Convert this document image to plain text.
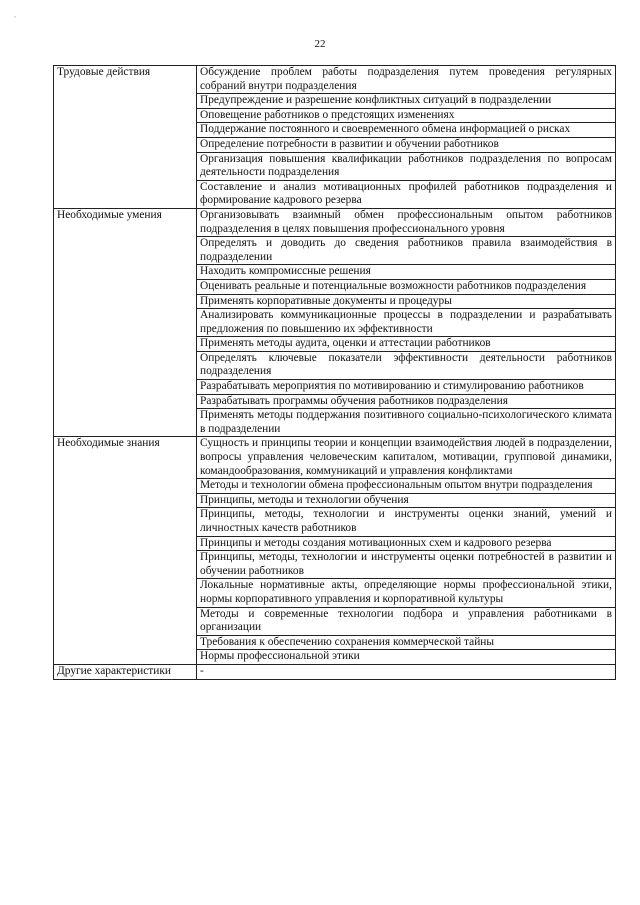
‘
22
Трудовые действия	Обсуждение проблем работы подразделения путем проведения регулярных собраний внутри подразделения
	Предупреждение и разрешение конфликтных ситуаций в подразделении
	Оповещение работников о предстоящих изменениях
	Поддержание постоянного и своевременного обмена информацией о рисках
	Определение потребности в развитии и обучении работников
	Организация повышения квалификации работников подразделения по вопросам деятельности подразделения
	Составление и анализ мотивационных профилей работников подразделения и формирование кадрового резерва
Необходимые умения	Организовывать взаимный обмен профессиональным опытом работников подразделения в целях повышения профессионального уровня
	Определять и доводить до сведения работников правила взаимодействия в подразделении
	Находить компромиссные решения
	Оценивать реальные и потенциальные возможности работников подразделения
	Применять корпоративные документы и процедуры
	Анализировать коммуникационные процессы в подразделении и разрабатывать предложения по повышению их эффективности
	Применять методы аудита, оценки и аттестации работников
	Определять ключевые показатели эффективности деятельности работников подразделения
	Разрабатывать мероприятия по мотивированию и стимулированию работников
	Разрабатывать программы обучения работников подразделения
	Применять методы поддержания позитивного социально-психологического климата в подразделении
Необходимые знания	Сущность и принципы теории и концепции взаимодействия людей в подразделении, вопросы управления человеческим капиталом, мотивации, групповой динамики, командообразования, коммуникаций и управления конфликтами
	Методы и технологии обмена профессиональным опытом внутри подразделения
	Принципы, методы и технологии обучения
	Принципы, методы, технологии и инструменты оценки знаний, умений и личностных качеств работников
	Принципы и методы создания мотивационных схем и кадрового резерва
	Принципы, методы, технологии и инструменты оценки потребностей в развитии и обучении работников
	Локальные нормативные акты, определяющие нормы профессиональной этики, нормы корпоративного управления и корпоративной культуры
	Методы и современные технологии подбора и управления работниками в организации
	Требования к обеспечению сохранения коммерческой тайны
	Нормы профессиональной этики
Другие характеристики	-
